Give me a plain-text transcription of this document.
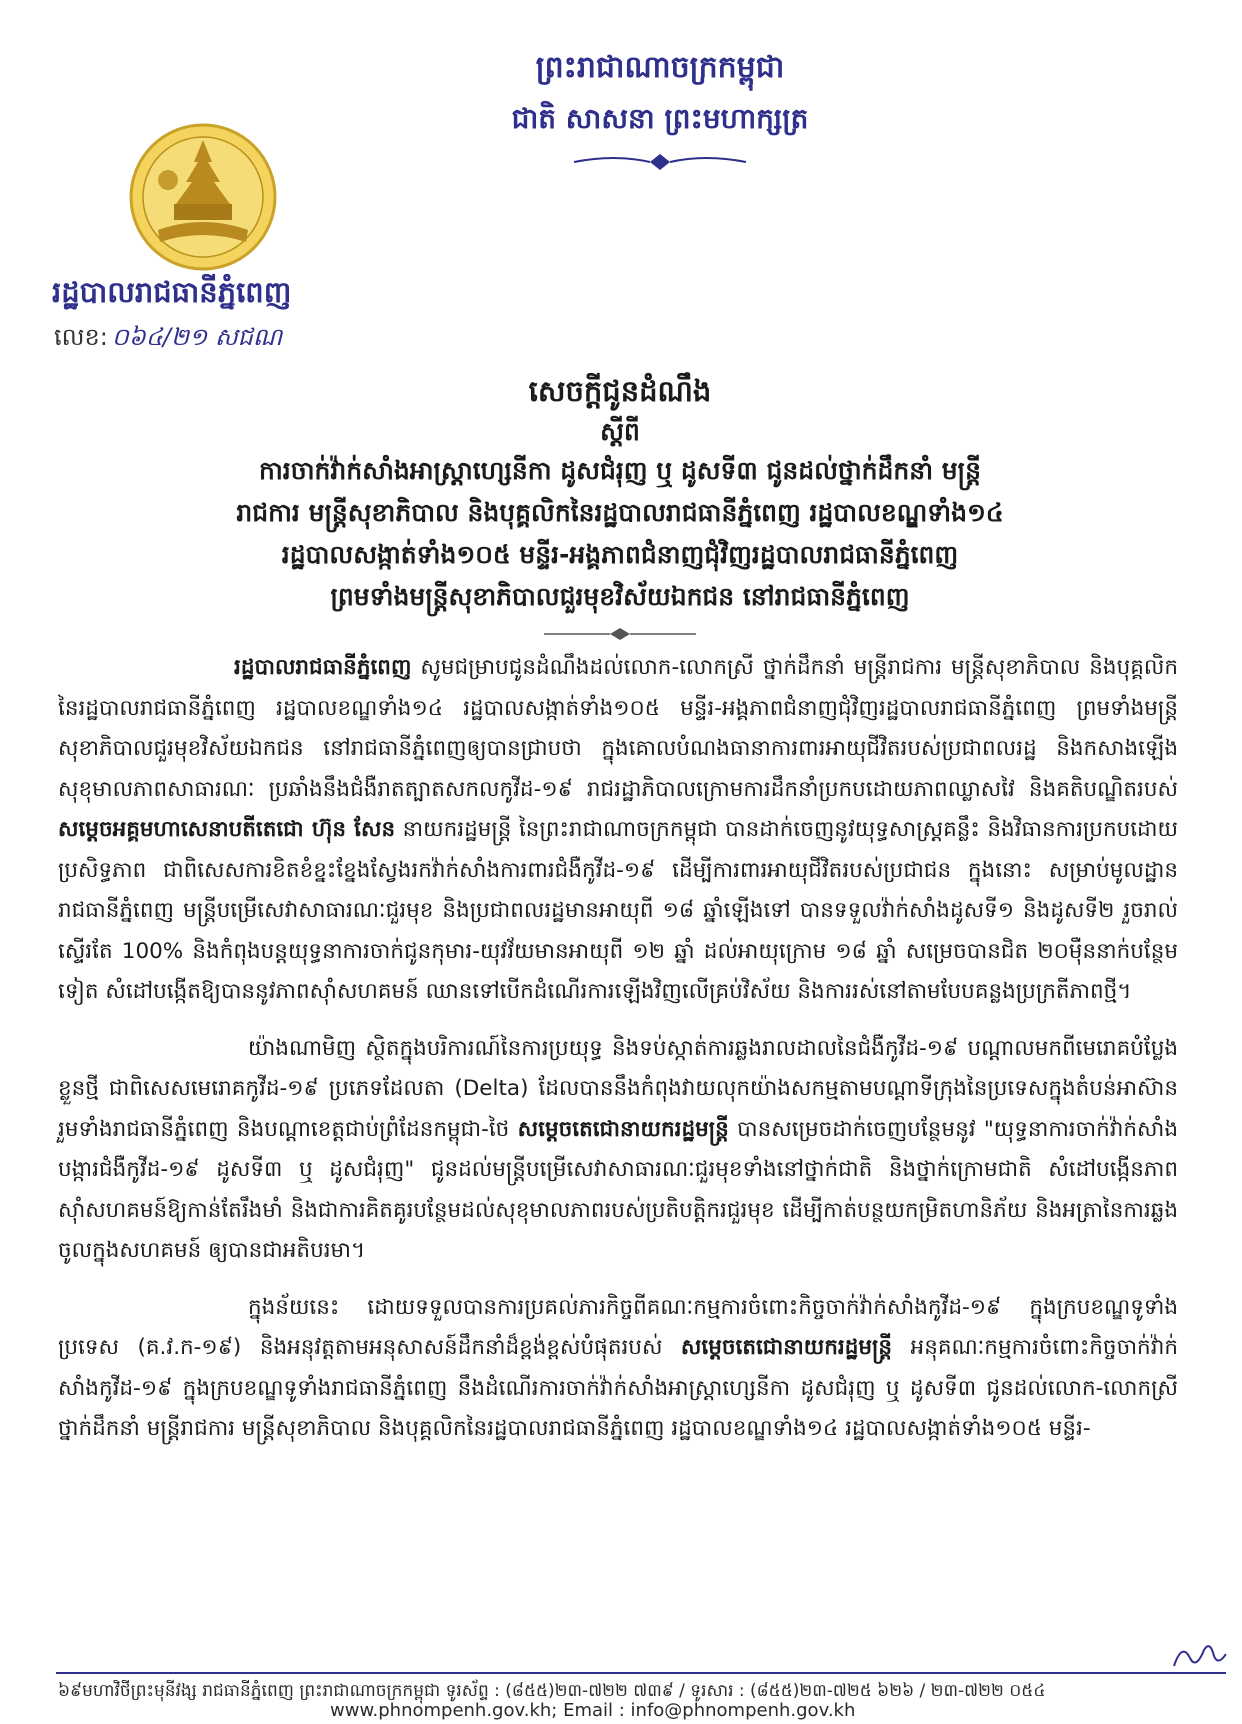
ព្រះរាជាណាចក្រកម្ពុជា
ជាតិ សាសនា ព្រះមហាក្សត្រ
រដ្ឋបាលរាជធានីភ្នំពេញ
លេខ: ០៦៤/២១ សជណ
សេចក្តីជូនដំណឹង
ស្តីពី
ការចាក់វ៉ាក់សាំងអាស្ត្រាហ្សេនីកា ដូសជំរុញ ឬ ដូសទី៣ ជូនដល់ថ្នាក់ដឹកនាំ មន្ត្រី
រាជការ មន្ត្រីសុខាភិបាល និងបុគ្គលិកនៃរដ្ឋបាលរាជធានីភ្នំពេញ រដ្ឋបាលខណ្ឌទាំង១៤
រដ្ឋបាលសង្កាត់ទាំង១០៥ មន្ទីរ-អង្គភាពជំនាញជុំវិញរដ្ឋបាលរាជធានីភ្នំពេញ
ព្រមទាំងមន្ត្រីសុខាភិបាលជួរមុខវិស័យឯកជន នៅរាជធានីភ្នំពេញ

រដ្ឋបាលរាជធានីភ្នំពេញ សូមជម្រាបជូនដំណឹងដល់លោក-លោកស្រី ថ្នាក់ដឹកនាំ មន្ត្រីរាជការ មន្ត្រីសុខាភិបាល និងបុគ្គលិកនៃរដ្ឋបាលរាជធានីភ្នំពេញ រដ្ឋបាលខណ្ឌទាំង១៤ រដ្ឋបាលសង្កាត់ទាំង១០៥ មន្ទីរ-អង្គភាពជំនាញជុំវិញរដ្ឋបាលរាជធានីភ្នំពេញ ព្រមទាំងមន្ត្រីសុខាភិបាលជួរមុខវិស័យឯកជន នៅរាជធានីភ្នំពេញឲ្យបានជ្រាបថា ក្នុងគោលបំណងធានាការពារអាយុជីវិតរបស់ប្រជាពលរដ្ឋ និងកសាងឡើងសុខុមាលភាពសាធារណៈ ប្រឆាំងនឹងជំងឺរាតត្បាតសកលកូវីដ-១៩ រាជរដ្ឋាភិបាលក្រោមការដឹកនាំប្រកបដោយភាពឈ្លាសវៃ និងគតិបណ្ឌិតរបស់ សម្តេចអគ្គមហាសេនាបតីតេជោ ហ៊ុន សែន នាយករដ្ឋមន្ត្រី នៃព្រះរាជាណាចក្រកម្ពុជា បានដាក់ចេញនូវយុទ្ធសាស្ត្រគន្លឹះ និងវិធានការប្រកបដោយប្រសិទ្ធភាព ជាពិសេសការខិតខំខ្នះខ្នែងស្វែងរកវ៉ាក់សាំងការពារជំងឺកូវីដ-១៩ ដើម្បីការពារអាយុជីវិតរបស់ប្រជាជន ក្នុងនោះ សម្រាប់មូលដ្ឋានរាជធានីភ្នំពេញ មន្ត្រីបម្រើសេវាសាធារណៈជួរមុខ និងប្រជាពលរដ្ឋមានអាយុពី ១៨ ឆ្នាំឡើងទៅ បានទទួលវ៉ាក់សាំងដូសទី១ និងដូសទី២ រួចរាល់ស្ទើរតែ 100% និងកំពុងបន្តយុទ្ធនាការចាក់ជូនកុមារ-យុវវ័យមានអាយុពី ១២ ឆ្នាំ ដល់អាយុក្រោម ១៨ ឆ្នាំ សម្រេចបានជិត ២០ម៉ឺននាក់បន្ថែមទៀត សំដៅបង្កើតឱ្យបាននូវភាពស៊ាំសហគមន៍ ឈានទៅបើកដំណើរការឡើងវិញលើគ្រប់វិស័យ និងការរស់នៅតាមបែបគន្លងប្រក្រតីភាពថ្មី។

យ៉ាងណាមិញ ស្ថិតក្នុងបរិការណ៍នៃការប្រយុទ្ធ និងទប់ស្កាត់ការឆ្លងរាលដាលនៃជំងឺកូវីដ-១៩ បណ្តាលមកពីមេរោគបំប្លែងខ្លួនថ្មី ជាពិសេសមេរោគកូវីដ-១៩ ប្រភេទដែលតា (Delta) ដែលបាននឹងកំពុងវាយលុកយ៉ាងសកម្មតាមបណ្តាទីក្រុងនៃប្រទេសក្នុងតំបន់អាស៊ាន រួមទាំងរាជធានីភ្នំពេញ និងបណ្តាខេត្តជាប់ព្រំដែនកម្ពុជា-ថៃ សម្តេចតេជោនាយករដ្ឋមន្ត្រី បានសម្រេចដាក់ចេញបន្ថែមនូវ "យុទ្ធនាការចាក់វ៉ាក់សាំងបង្ការជំងឺកូវីដ-១៩ ដូសទី៣ ឬ ដូសជំរុញ" ជូនដល់មន្ត្រីបម្រើសេវាសាធារណៈជួរមុខទាំងនៅថ្នាក់ជាតិ និងថ្នាក់ក្រោមជាតិ សំដៅបង្កើនភាពស៊ាំសហគមន៍ឱ្យកាន់តែរឹងមាំ និងជាការគិតគូរបន្ថែមដល់សុខុមាលភាពរបស់ប្រតិបត្តិករជួរមុខ ដើម្បីកាត់បន្ថយកម្រិតហានិភ័យ និងអត្រានៃការឆ្លងចូលក្នុងសហគមន៍ ឲ្យបានជាអតិបរមា។

ក្នុងន័យនេះ ដោយទទួលបានការប្រគល់ភារកិច្ចពីគណៈកម្មការចំពោះកិច្ចចាក់វ៉ាក់សាំងកូវីដ-១៩ ក្នុងក្របខណ្ឌទូទាំងប្រទេស (គ.វ.ក-១៩) និងអនុវត្តតាមអនុសាសន៍ដឹកនាំដ៏ខ្ពង់ខ្ពស់បំផុតរបស់ សម្តេចតេជោនាយករដ្ឋមន្ត្រី អនុគណៈកម្មការចំពោះកិច្ចចាក់វ៉ាក់សាំងកូវីដ-១៩ ក្នុងក្របខណ្ឌទូទាំងរាជធានីភ្នំពេញ នឹងដំណើរការចាក់វ៉ាក់សាំងអាស្ត្រាហ្សេនីកា ដូសជំរុញ ឬ ដូសទី៣ ជូនដល់លោក-លោកស្រី ថ្នាក់ដឹកនាំ មន្ត្រីរាជការ មន្ត្រីសុខាភិបាល និងបុគ្គលិកនៃរដ្ឋបាលរាជធានីភ្នំពេញ រដ្ឋបាលខណ្ឌទាំង១៤ រដ្ឋបាលសង្កាត់ទាំង១០៥ មន្ទីរ-

៦៩មហាវិថីព្រះមុនីវង្ស រាជធានីភ្នំពេញ ព្រះរាជាណាចក្រកម្ពុជា ទូរស័ព្ទ : (៨៥៥)២៣-៧២២ ៧៣៩ / ទូរសារ : (៨៥៥)២៣-៧២៥ ៦២៦ / ២៣-៧២២ ០៥៤
www.phnompenh.gov.kh; Email : info@phnompenh.gov.kh
